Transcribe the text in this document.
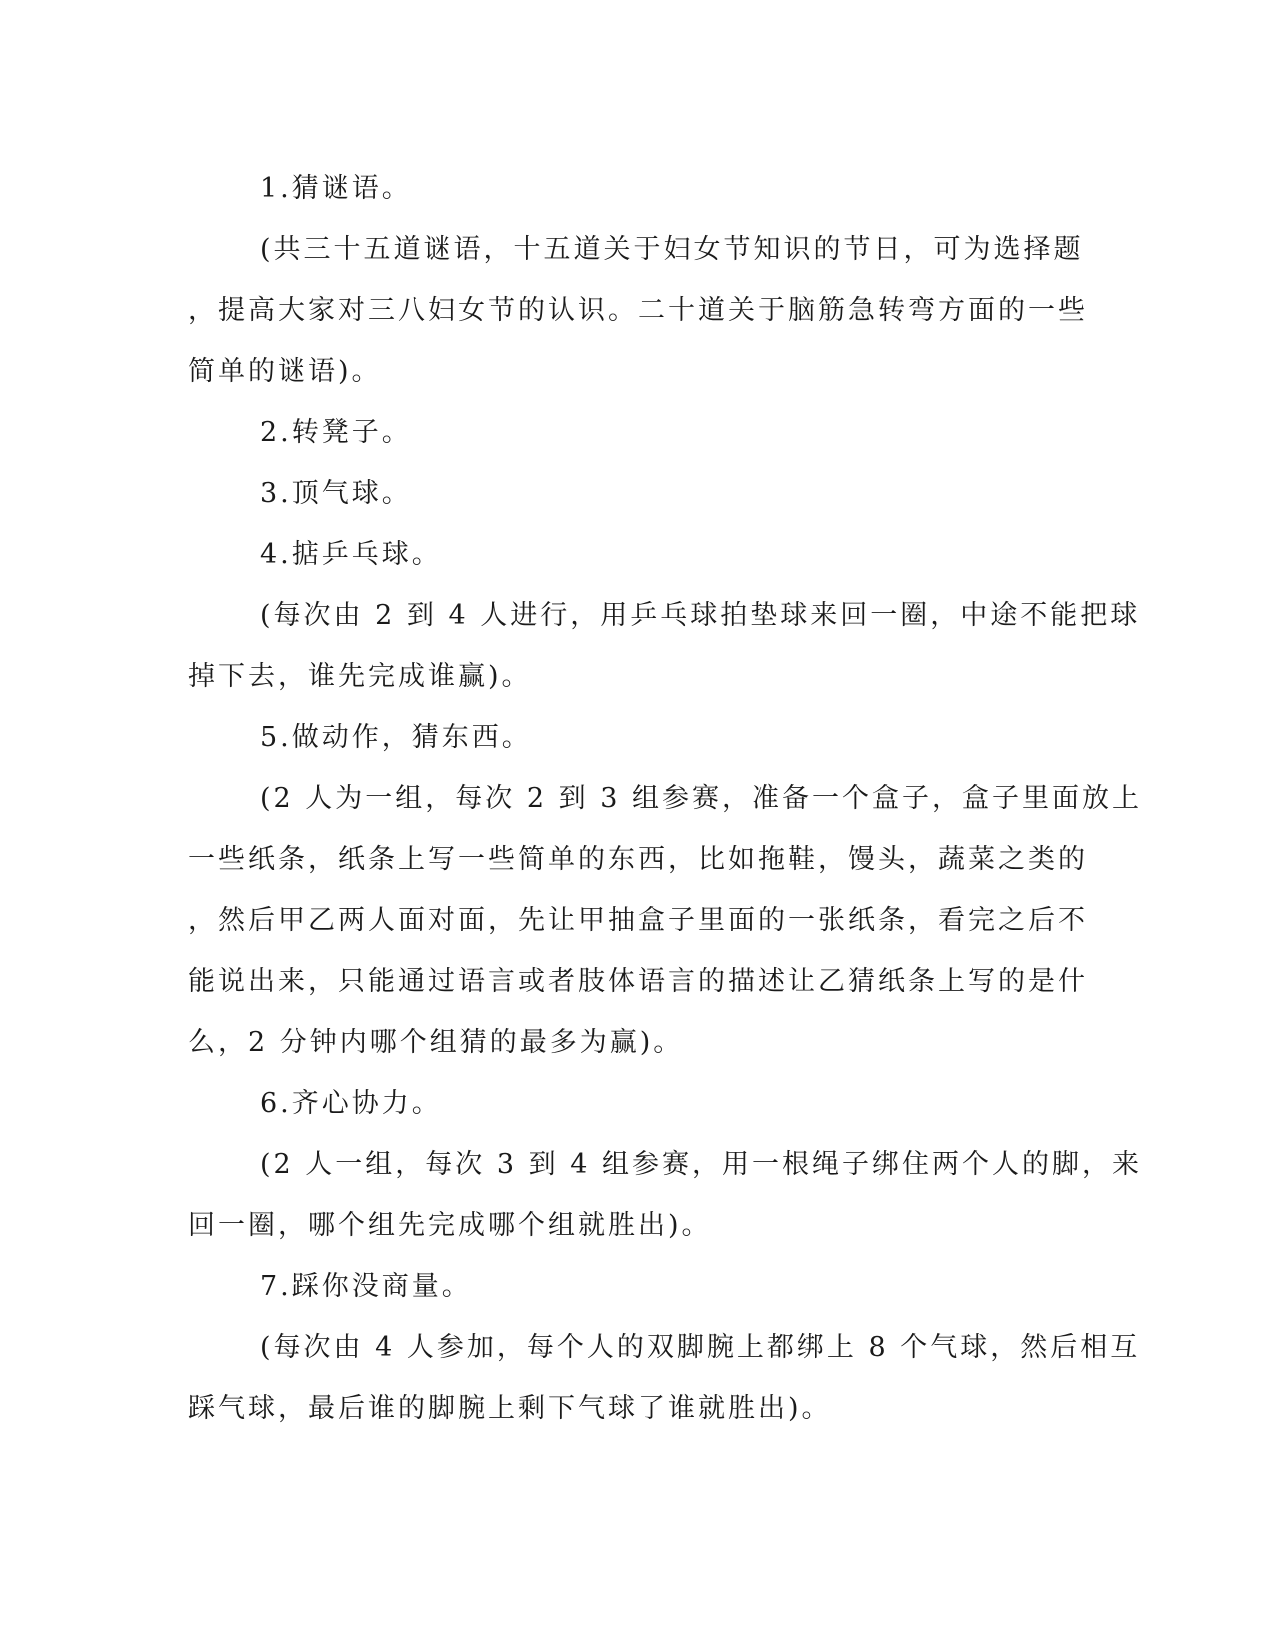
1.猜谜语。
(共三十五道谜语，十五道关于妇女节知识的节日，可为选择题
，提高大家对三八妇女节的认识。二十道关于脑筋急转弯方面的一些
简单的谜语)。
2.转凳子。
3.顶气球。
4.掂乒乓球。
(每次由 2 到 4 人进行，用乒乓球拍垫球来回一圈，中途不能把球
掉下去，谁先完成谁赢)。
5.做动作，猜东西。
(2 人为一组，每次 2 到 3 组参赛，准备一个盒子，盒子里面放上
一些纸条，纸条上写一些简单的东西，比如拖鞋，馒头，蔬菜之类的
，然后甲乙两人面对面，先让甲抽盒子里面的一张纸条，看完之后不
能说出来，只能通过语言或者肢体语言的描述让乙猜纸条上写的是什
么，2 分钟内哪个组猜的最多为赢)。
6.齐心协力。
(2 人一组，每次 3 到 4 组参赛，用一根绳子绑住两个人的脚，来
回一圈，哪个组先完成哪个组就胜出)。
7.踩你没商量。
(每次由 4 人参加，每个人的双脚腕上都绑上 8 个气球，然后相互
踩气球，最后谁的脚腕上剩下气球了谁就胜出)。
